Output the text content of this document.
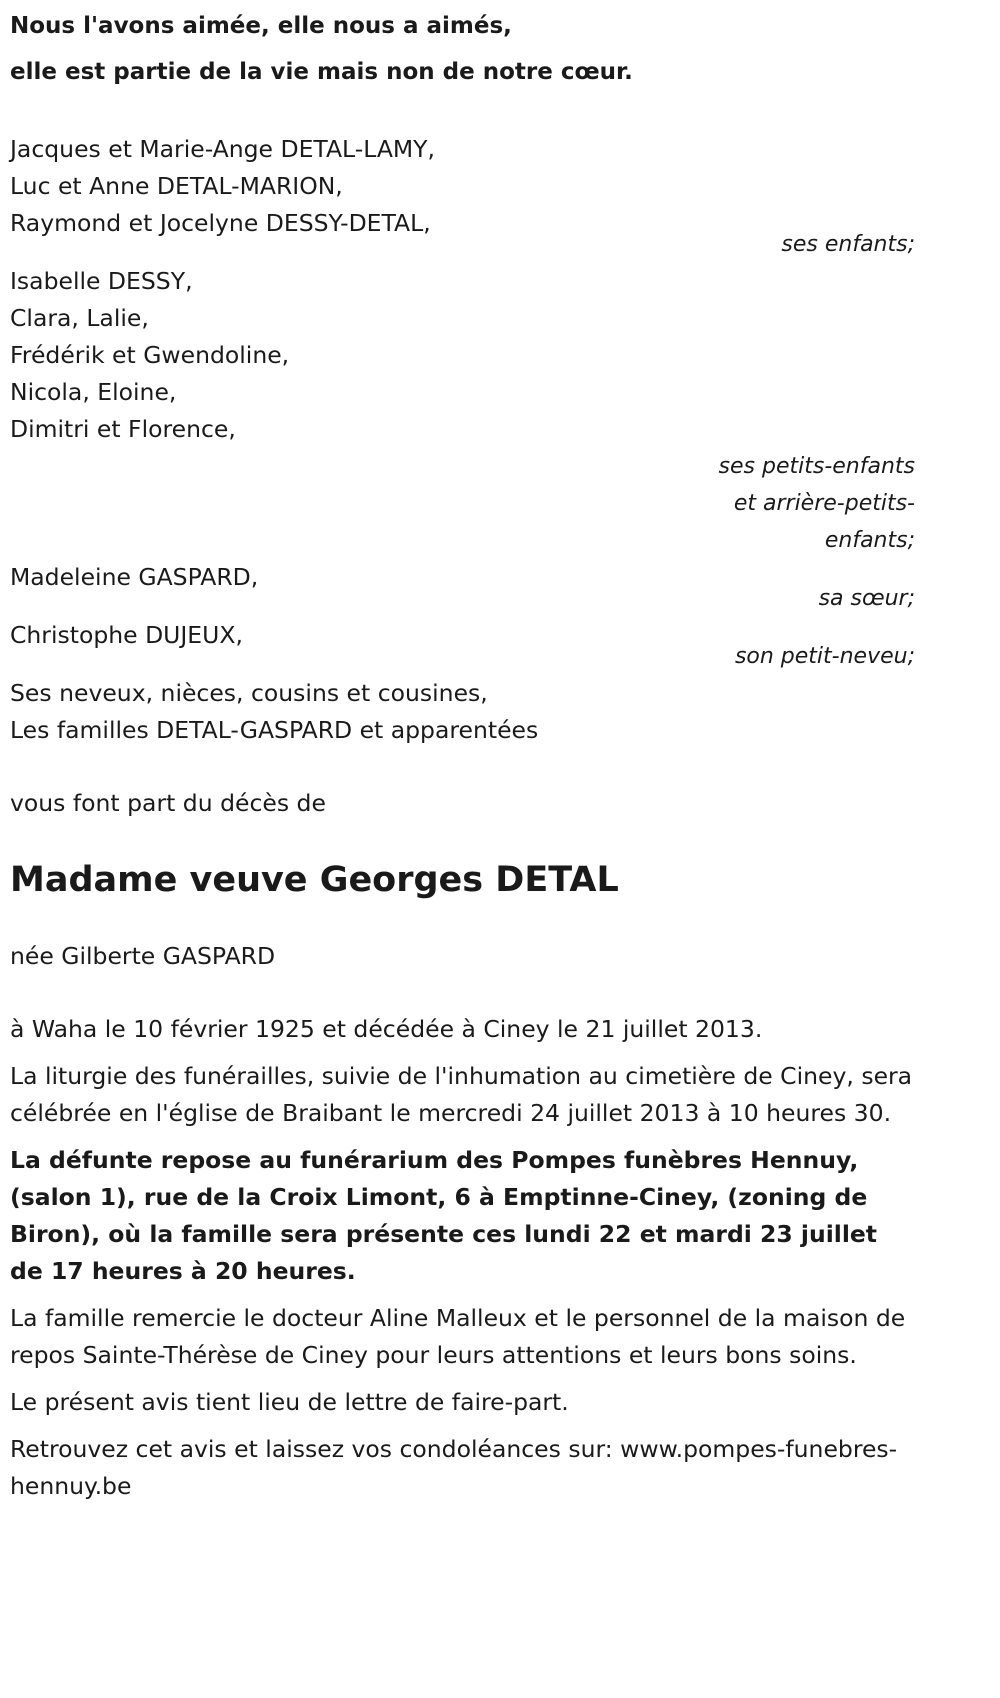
Nous l'avons aimée, elle nous a aimés,
elle est partie de la vie mais non de notre cœur.
Jacques et Marie-Ange DETAL-LAMY,
Luc et Anne DETAL-MARION,
Raymond et Jocelyne DESSY-DETAL,
ses enfants;
Isabelle DESSY,
Clara, Lalie,
Frédérik et Gwendoline,
Nicola, Eloine,
Dimitri et Florence,
ses petits-enfants
et arrière-petits-
enfants;
Madeleine GASPARD,
sa sœur;
Christophe DUJEUX,
son petit-neveu;
Ses neveux, nièces, cousins et cousines,
Les familles DETAL-GASPARD et apparentées
vous font part du décès de
Madame veuve Georges DETAL
née Gilberte GASPARD
à Waha le 10 février 1925 et décédée à Ciney le 21 juillet 2013.
La liturgie des funérailles, suivie de l'inhumation au cimetière de Ciney, sera célébrée en l'église de Braibant le mercredi 24 juillet 2013 à 10 heures 30.
La défunte repose au funérarium des Pompes funèbres Hennuy, (salon 1), rue de la Croix Limont, 6 à Emptinne-Ciney, (zoning de Biron), où la famille sera présente ces lundi 22 et mardi 23 juillet de 17 heures à 20 heures.
La famille remercie le docteur Aline Malleux et le personnel de la maison de repos Sainte-Thérèse de Ciney pour leurs attentions et leurs bons soins.
Le présent avis tient lieu de lettre de faire-part.
Retrouvez cet avis et laissez vos condoléances sur: www.pompes-funebres-hennuy.be
